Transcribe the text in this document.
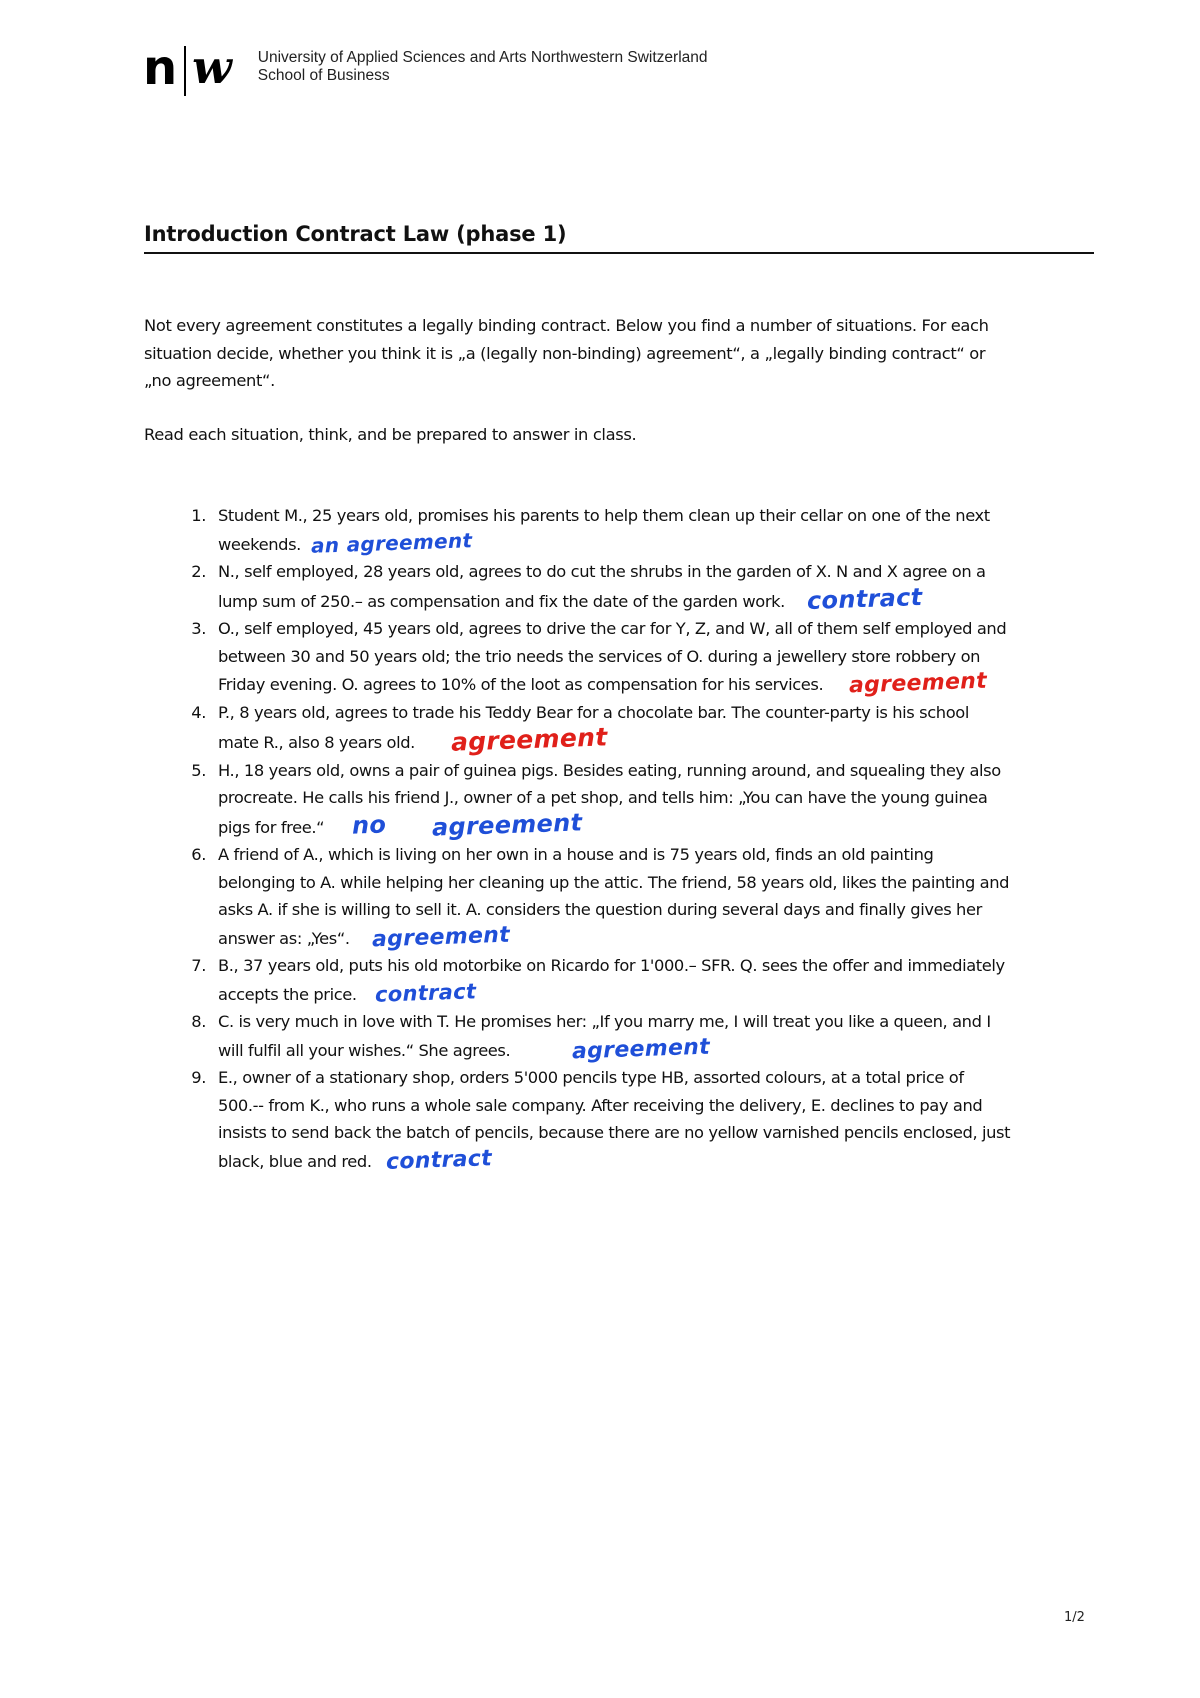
n w University of Applied Sciences and Arts Northwestern Switzerland
School of Business
Introduction Contract Law (phase 1)
Not every agreement constitutes a legally binding contract. Below you find a number of situations. For each
situation decide, whether you think it is „a (legally non-binding) agreement“, a „legally binding contract“ or
„no agreement“.
Read each situation, think, and be prepared to answer in class.
1. Student M., 25 years old, promises his parents to help them clean up their cellar on one of the next
weekends. an agreement
2. N., self employed, 28 years old, agrees to do cut the shrubs in the garden of X. N and X agree on a
lump sum of 250.– as compensation and fix the date of the garden work. contract
3. O., self employed, 45 years old, agrees to drive the car for Y, Z, and W, all of them self employed and
between 30 and 50 years old; the trio needs the services of O. during a jewellery store robbery on
Friday evening. O. agrees to 10% of the loot as compensation for his services. agreement
4. P., 8 years old, agrees to trade his Teddy Bear for a chocolate bar. The counter-party is his school
mate R., also 8 years old. agreement
5. H., 18 years old, owns a pair of guinea pigs. Besides eating, running around, and squealing they also
procreate. He calls his friend J., owner of a pet shop, and tells him: „You can have the young guinea
pigs for free.“ no agreement
6. A friend of A., which is living on her own in a house and is 75 years old, finds an old painting
belonging to A. while helping her cleaning up the attic. The friend, 58 years old, likes the painting and
asks A. if she is willing to sell it. A. considers the question during several days and finally gives her
answer as: „Yes“. agreement
7. B., 37 years old, puts his old motorbike on Ricardo for 1'000.– SFR. Q. sees the offer and immediately
accepts the price. contract
8. C. is very much in love with T. He promises her: „If you marry me, I will treat you like a queen, and I
will fulfil all your wishes.“ She agrees.	agreement
9. E., owner of a stationary shop, orders 5'000 pencils type HB, assorted colours, at a total price of
500.-- from K., who runs a whole sale company. After receiving the delivery, E. declines to pay and
insists to send back the batch of pencils, because there are no yellow varnished pencils enclosed, just
black, blue and red. contract
1/2
